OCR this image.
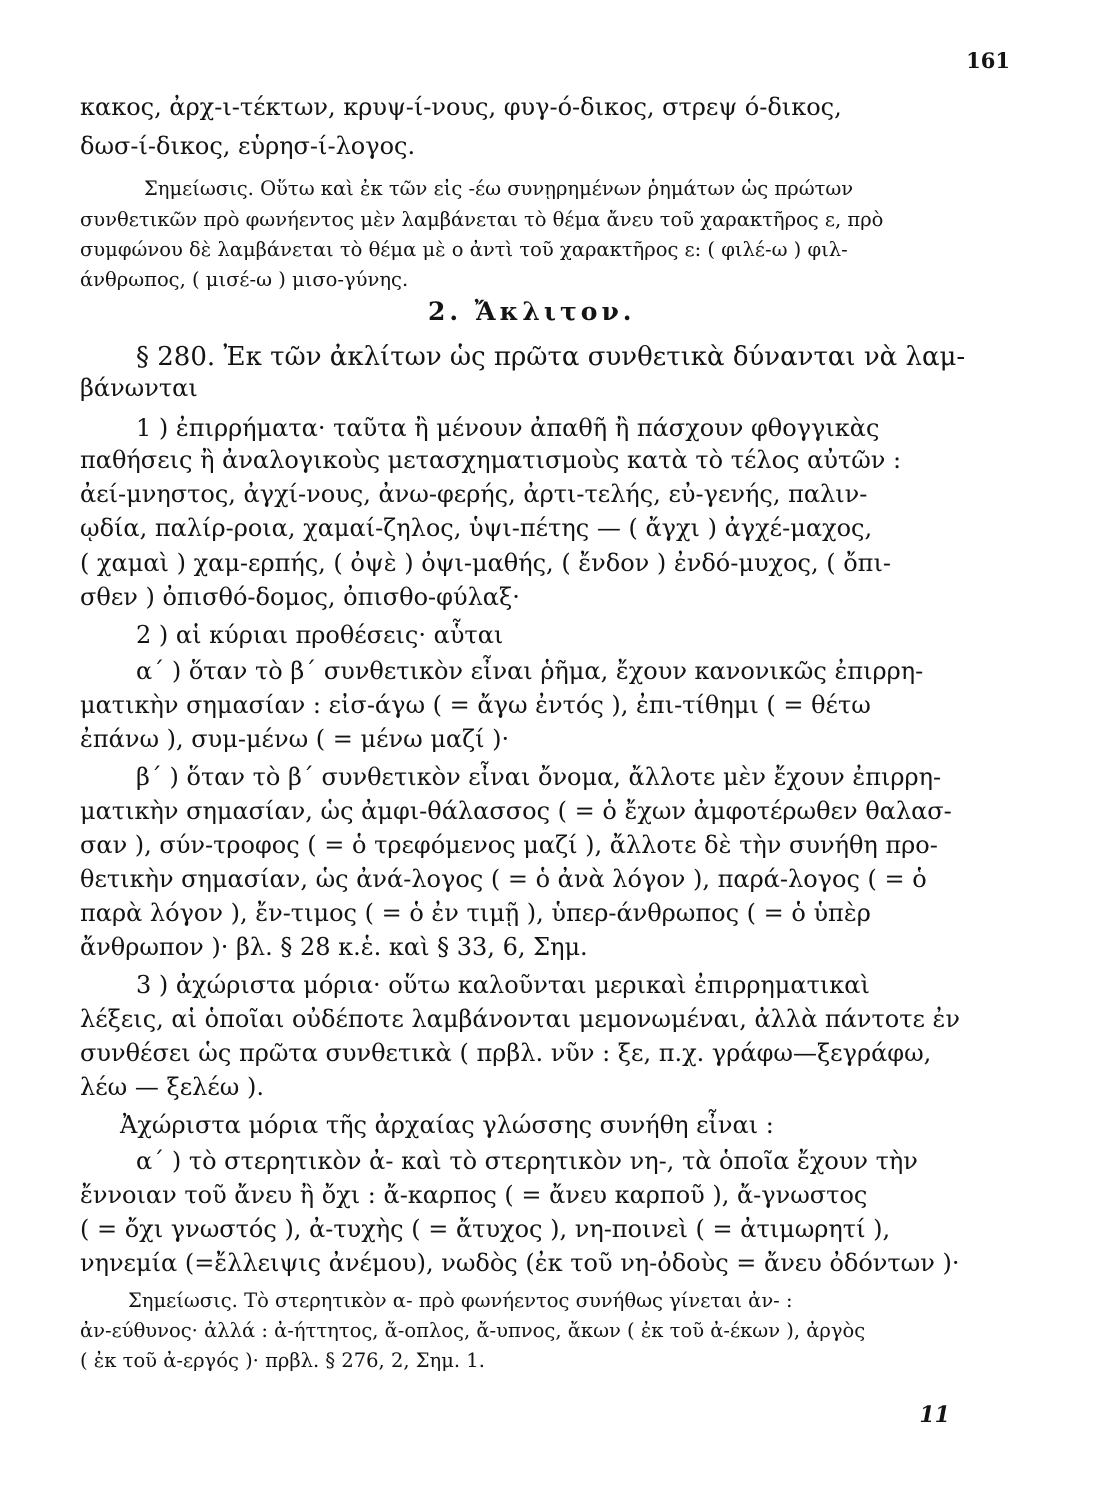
161
κακος, ἀρχ-ι-τέκτων, κρυψ-ί-νους, φυγ-ό-δικος, στρεψ ό-δικος,
δωσ-ί-δικος, εὑρησ-ί-λογος.
Σημείωσις. Οὕτω καὶ ἐκ τῶν εἰς -έω συνῃρημένων ῥημάτων ὡς πρώτων
συνθετικῶν πρὸ φωνήεντος μὲν λαμβάνεται τὸ θέμα ἄνευ τοῦ χαρακτῆρος ε, πρὸ
συμφώνου δὲ λαμβάνεται τὸ θέμα μὲ ο ἀντὶ τοῦ χαρακτῆρος ε: ( φιλέ-ω ) φιλ-
άνθρωπος, ( μισέ-ω ) μισο-γύνης.
2. Ἄκλιτον.
§ 280. Ἐκ τῶν ἀκλίτων ὡς πρῶτα συνθετικὰ δύνανται νὰ λαμ-
βάνωνται
1 ) ἐπιρρήματα· ταῦτα ἢ μένουν ἀπαθῆ ἢ πάσχουν φθογγικὰς
παθήσεις ἢ ἀναλογικοὺς μετασχηματισμοὺς κατὰ τὸ τέλος αὐτῶν :
ἀεί-μνηστος, ἀγχί-νους, ἀνω-φερής, ἀρτι-τελής, εὐ-γενής, παλιν-
ῳδία, παλίρ-ροια, χαμαί-ζηλος, ὑψι-πέτης — ( ἄγχι ) ἀγχέ-μαχος,
( χαμαὶ ) χαμ-ερπής, ( ὀψὲ ) ὀψι-μαθής, ( ἔνδον ) ἐνδό-μυχος, ( ὄπι-
σθεν ) ὀπισθό-δομος, ὀπισθο-φύλαξ·
2 ) αἱ κύριαι προθέσεις· αὗται
α´ ) ὅταν τὸ β´ συνθετικὸν εἶναι ῥῆμα, ἔχουν κανονικῶς ἐπιρρη-
ματικὴν σημασίαν : εἰσ-άγω ( = ἄγω ἐντός ), ἐπι-τίθημι ( = θέτω
ἐπάνω ), συμ-μένω ( = μένω μαζί )·
β´ ) ὅταν τὸ β´ συνθετικὸν εἶναι ὄνομα, ἄλλοτε μὲν ἔχουν ἐπιρρη-
ματικὴν σημασίαν, ὡς ἀμφι-θάλασσος ( = ὁ ἔχων ἀμφοτέρωθεν θαλασ-
σαν ), σύν-τροφος ( = ὁ τρεφόμενος μαζί ), ἄλλοτε δὲ τὴν συνήθη προ-
θετικὴν σημασίαν, ὡς ἀνά-λογος ( = ὁ ἀνὰ λόγον ), παρά-λογος ( = ὁ
παρὰ λόγον ), ἔν-τιμος ( = ὁ ἐν τιμῇ ), ὑπερ-άνθρωπος ( = ὁ ὑπὲρ
ἄνθρωπον )· βλ. § 28 κ.ἑ. καὶ § 33, 6, Σημ.
3 ) ἀχώριστα μόρια· οὕτω καλοῦνται μερικαὶ ἐπιρρηματικαὶ
λέξεις, αἱ ὁποῖαι οὐδέποτε λαμβάνονται μεμονωμέναι, ἀλλὰ πάντοτε ἐν
συνθέσει ὡς πρῶτα συνθετικὰ ( πρβλ. νῦν : ξε, π.χ. γράφω—ξεγράφω,
λέω — ξελέω ).
Ἀχώριστα μόρια τῆς ἀρχαίας γλώσσης συνήθη εἶναι :
α´ ) τὸ στερητικὸν ἀ- καὶ τὸ στερητικὸν νη-, τὰ ὁποῖα ἔχουν τὴν
ἔννοιαν τοῦ ἄνευ ἢ ὄχι : ἄ-καρπος ( = ἄνευ καρποῦ ), ἄ-γνωστος
( = ὄχι γνωστός ), ἀ-τυχὴς ( = ἄτυχος ), νη-ποινεὶ ( = ἀτιμωρητί ),
νηνεμία (=ἔλλειψις ἀνέμου), νωδὸς (ἐκ τοῦ νη-ὀδοὺς = ἄνευ ὀδόντων )·
Σημείωσις. Τὸ στερητικὸν α- πρὸ φωνήεντος συνήθως γίνεται ἀν- :
ἀν-εύθυνος· ἀλλά : ἀ-ήττητος, ἄ-οπλος, ἄ-υπνος, ἄκων ( ἐκ τοῦ ἀ-έκων ), ἀργὸς
( ἐκ τοῦ ἀ-εργός )· πρβλ. § 276, 2, Σημ. 1.
11
